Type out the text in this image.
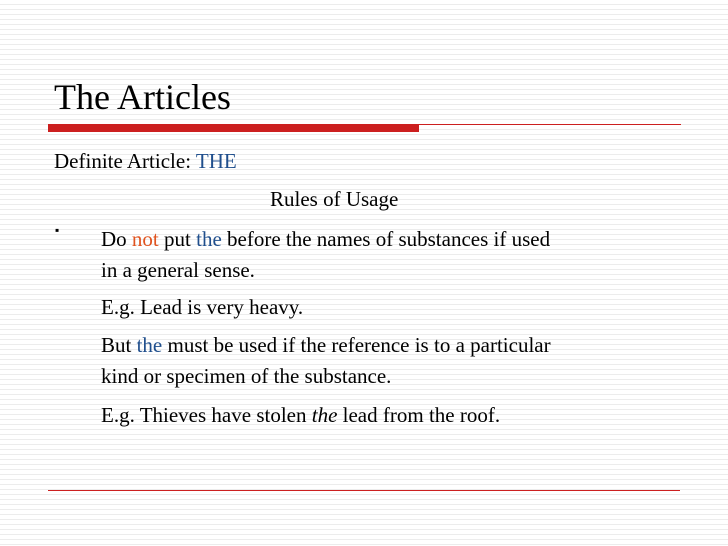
The Articles
Definite Article: THE
Rules of Usage
▪ Do not put the before the names of substances if used
in a general sense.
E.g. Lead is very heavy.
But the must be used if the reference is to a particular
kind or specimen of the substance.
E.g. Thieves have stolen the lead from the roof.
